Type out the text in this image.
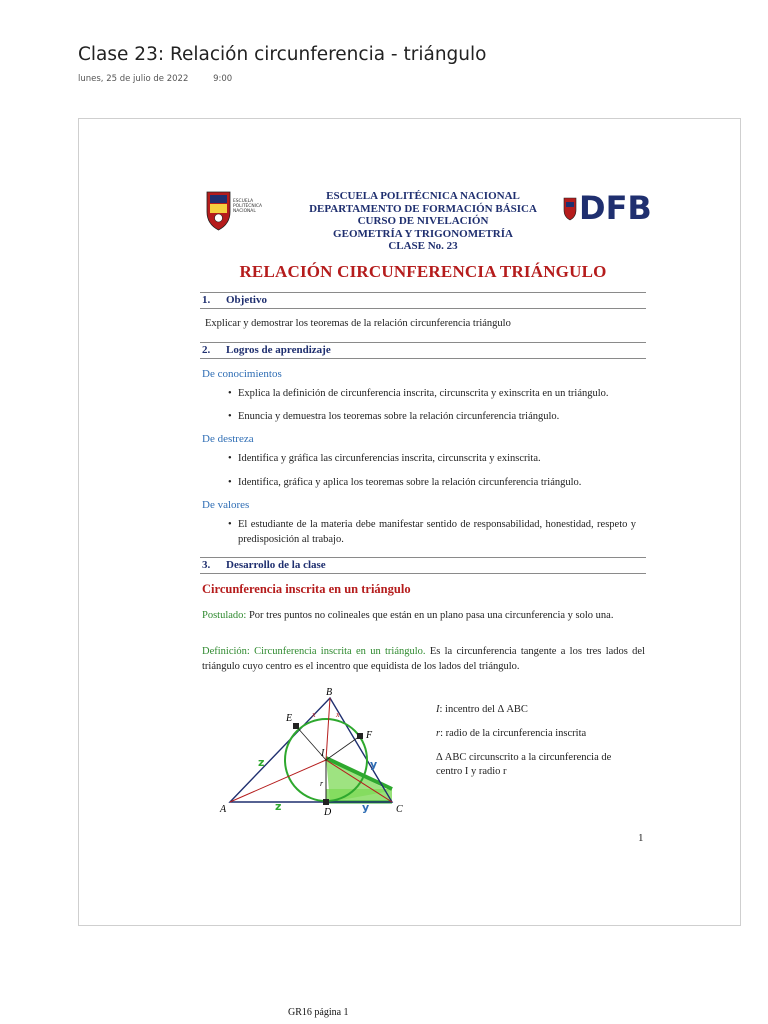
Clase 23: Relación circunferencia - triángulo
lunes, 25 de julio de 2022	9:00
ESCUELA
POLITÉCNICA
NACIONAL
ESCUELA POLITÉCNICA NACIONAL
DEPARTAMENTO DE FORMACIÓN BÁSICA
CURSO DE NIVELACIÓN
GEOMETRÍA Y TRIGONOMETRÍA
CLASE No. 23
DFB
RELACIÓN CIRCUNFERENCIA TRIÁNGULO
1. Objetivo
Explicar y demostrar los teoremas de la relación circunferencia triángulo
2. Logros de aprendizaje
De conocimientos
• Explica la definición de circunferencia inscrita, circunscrita y exinscrita en un triángulo.
• Enuncia y demuestra los teoremas sobre la relación circunferencia triángulo.
De destreza
• Identifica y gráfica las circunferencias inscrita, circunscrita y exinscrita.
• Identifica, gráfica y aplica los teoremas sobre la relación circunferencia triángulo.
De valores
• El estudiante de la materia debe manifestar sentido de responsabilidad, honestidad, respeto y predisposición al trabajo.
3. Desarrollo de la clase
Circunferencia inscrita en un triángulo
Postulado: Por tres puntos no colineales que están en un plano pasa una circunferencia y solo una.
Definición: Circunferencia inscrita en un triángulo. Es la circunferencia tangente a los tres lados del triángulo cuyo centro es el incentro que equidista de los lados del triángulo.
B
A	C
D
E
F
I
r
z
z
y
y
x	x	I: incentro del Δ ABC
r: radio de la circunferencia inscrita
Δ ABC circunscrito a la circunferencia de
centro I y radio r
1
GR16 página 1
